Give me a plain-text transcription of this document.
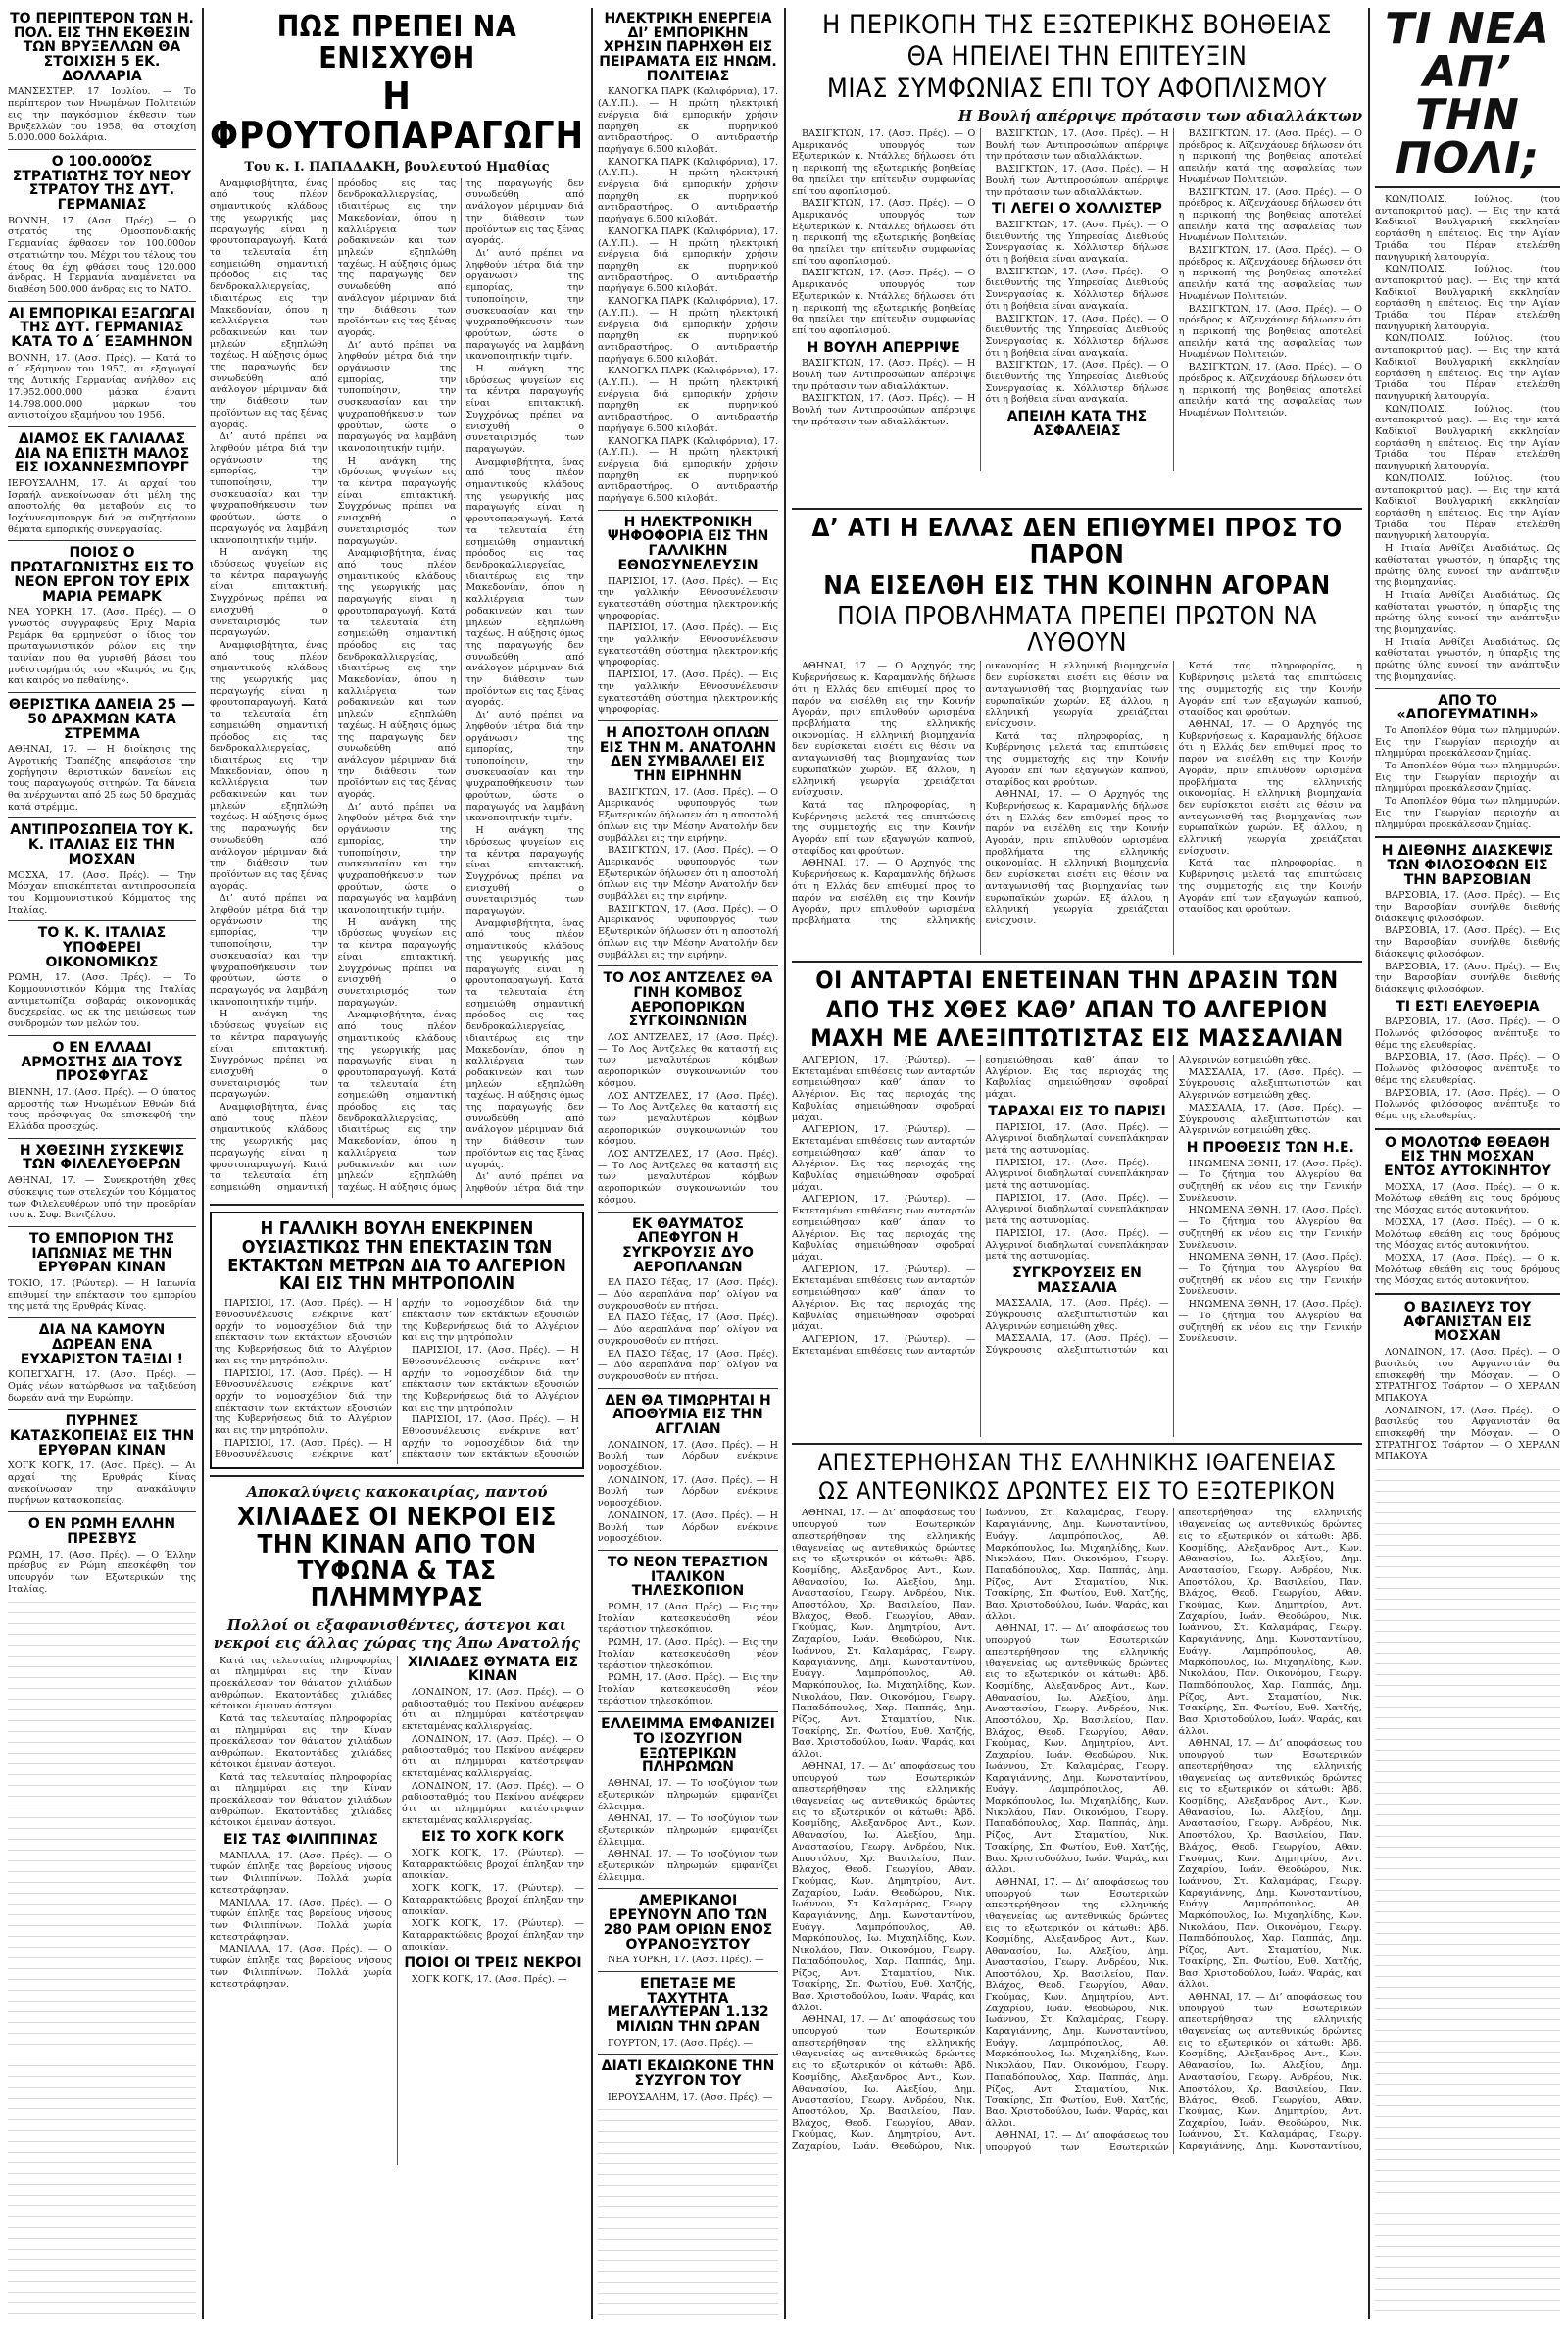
ΤΟ ΠΕΡΙΠΤΕΡΟΝ ΤΩΝ Η. ΠΟΛ. ΕΙΣ ΤΗΝ ΕΚΘΕΣΙΝ ΤΩΝ ΒΡΥΞΕΛΛΩΝ ΘΑ ΣΤΟΙΧΙΣΗ 5 ΕΚ. ΔΟΛΛΑΡΙΑ
ΜΑΝΣΕΣΤΕΡ, 17 Ιουλίου. — Το περίπτερον των Ηνωμένων Πολιτειών εις την παγκόσμιον έκθεσιν των Βρυξελλών του 1958, θα στοιχίση 5.000.000 δολλάρια.
Ο 100.000ΌΣ ΣΤΡΑΤΙΩΤΗΣ ΤΟΥ ΝΕΟΥ ΣΤΡΑΤΟΥ ΤΗΣ ΔΥΤ. ΓΕΡΜΑΝΙΑΣ
ΒΟΝΝΗ, 17. (Ασσ. Πρές). — Ο στρατός της Ομοσπονδιακής Γερμανίας έφθασεν τον 100.000ον στρατιώτην του. Μέχρι του τέλους του έτους θα έχη φθάσει τους 120.000 άνδρας. Η Γερμανία αναμένεται να διαθέση 500.000 άνδρας εις το ΝΑΤΟ.
ΑΙ ΕΜΠΟΡΙΚΑΙ ΕΞΑΓΩΓΑΙ ΤΗΣ ΔΥΤ. ΓΕΡΜΑΝΙΑΣ ΚΑΤΑ ΤΟ Δ΄ ΕΞΑΜΗΝΟΝ
ΒΟΝΝΗ, 17. (Ασσ. Πρές). — Κατά το α΄ εξάμηνον του 1957, αι εξαγωγαί της Δυτικής Γερμανίας ανήλθον εις 17.952.000.000 μάρκα έναντι 14.798.000.000 μάρκων του αντιστοίχου εξαμήνου του 1956.
ΔΙΑΜΟΣ ΕΚ ΓΑΛΙΑΛΑΣ ΔΙΑ ΝΑ ΕΠΙΣΤΗ ΜΑΛΟΣ ΕΙΣ ΙΟΧΑΝΝΕΣΜΠΟΥΡΓ
ΙΕΡΟΥΣΑΛΗΜ, 17. Αι αρχαί του Ισραήλ ανεκοίνωσαν ότι μέλη της αποστολής θα μεταβούν εις το Ιοχάννεσμπουργκ διά να συζητήσουν θέματα εμπορικής συνεργασίας.
ΠΟΙΟΣ Ο ΠΡΩΤΑΓΩΝΙΣΤΗΣ ΕΙΣ ΤΟ ΝΕΟΝ ΕΡΓΟΝ ΤΟΥ ΕΡΙΧ ΜΑΡΙΑ ΡΕΜΑΡΚ
ΝΕΑ ΥΟΡΚΗ, 17. (Ασσ. Πρές). — Ο γνωστός συγγραφεύς Έριχ Μαρία Ρεμάρκ θα ερμηνεύση ο ίδιος τον πρωταγωνιστικόν ρόλον εις την ταινίαν που θα γυρισθή βάσει του μυθιστορήματός του «Καιρός να ζης και καιρός να πεθαίνης».
ΘΕΡΙΣΤΙΚΑ ΔΑΝΕΙΑ 25 — 50 ΔΡΑΧΜΩΝ ΚΑΤΑ ΣΤΡΕΜΜΑ
ΑΘΗΝΑΙ, 17. — Η διοίκησις της Αγροτικής Τραπέζης απεφάσισε την χορήγησιν θεριστικών δανείων εις τους παραγωγούς σιτηρών. Τα δάνεια θα ανέρχωνται από 25 έως 50 δραχμάς κατά στρέμμα.
ΑΝΤΙΠΡΟΣΩΠΕΙΑ ΤΟΥ Κ. Κ. ΙΤΑΛΙΑΣ ΕΙΣ ΤΗΝ ΜΟΣΧΑΝ
ΜΟΣΧΑ, 17. (Ασσ. Πρές). — Την Μόσχαν επισκέπτεται αντιπροσωπεία του Κομμουνιστικού Κόμματος της Ιταλίας.
ΤΟ Κ. Κ. ΙΤΑΛΙΑΣ ΥΠΟΦΕΡΕΙ ΟΙΚΟΝΟΜΙΚΩΣ
ΡΩΜΗ, 17. (Ασσ. Πρές). — Το Κομμουνιστικόν Κόμμα της Ιταλίας αντιμετωπίζει σοβαράς οικονομικάς δυσχερείας, ως εκ της μειώσεως των συνδρομών των μελών του.
Ο ΕΝ ΕΛΛΑΔΙ ΑΡΜΟΣΤΗΣ ΔΙΑ ΤΟΥΣ ΠΡΟΣΦΥΓΑΣ
ΒΙΕΝΝΗ, 17. (Ασσ. Πρές). — Ο ύπατος αρμοστής των Ηνωμένων Εθνών διά τους πρόσφυγας θα επισκεφθή την Ελλάδα προσεχώς.
Η ΧΘΕΣΙΝΗ ΣΥΣΚΕΨΙΣ ΤΩΝ ΦΙΛΕΛΕΥΘΕΡΩΝ
ΑΘΗΝΑΙ, 17. — Συνεκροτήθη χθες σύσκεψις των στελεχών του Κόμματος των Φιλελευθέρων υπό την προεδρίαν του κ. Σοφ. Βενιζέλου.
ΤΟ ΕΜΠΟΡΙΟΝ ΤΗΣ ΙΑΠΩΝΙΑΣ ΜΕ ΤΗΝ ΕΡΥΘΡΑΝ ΚΙΝΑΝ
ΤΟΚΙΟ, 17. (Ρώυτερ). — Η Ιαπωνία επιθυμεί την επέκτασιν του εμπορίου της μετά της Ερυθράς Κίνας.
ΔΙΑ ΝΑ ΚΑΜΟΥΝ ΔΩΡΕΑΝ ΕΝΑ ΕΥΧΑΡΙΣΤΟΝ ΤΑΞΙΔΙ !
ΚΟΠΕΓΧΑΓΗ, 17. (Ασσ. Πρές). — Ομάς νέων κατώρθωσε να ταξιδεύση δωρεάν ανά την Ευρώπην.
ΠΥΡΗΝΕΣ ΚΑΤΑΣΚΟΠΕΙΑΣ ΕΙΣ ΤΗΝ ΕΡΥΘΡΑΝ ΚΙΝΑΝ
ΧΟΓΚ ΚΟΓΚ, 17. (Ασσ. Πρές). — Αι αρχαί της Ερυθράς Κίνας ανεκοίνωσαν την ανακάλυψιν πυρήνων κατασκοπείας.
Ο ΕΝ ΡΩΜΗ ΕΛΛΗΝ ΠΡΕΣΒΥΣ
ΡΩΜΗ, 17. (Ασσ. Πρές). — Ο Έλλην πρέσβυς εν Ρώμη επεσκέφθη τον υπουργόν των Εξωτερικών της Ιταλίας.
ΠΩΣ ΠΡΕΠΕΙ ΝΑ ΕΝΙΣΧΥΘΗ
Η ΦΡΟΥΤΟΠΑΡΑΓΩΓΗ
Του κ. Ι. ΠΑΠΑΔΑΚΗ, βουλευτού Ημαθίας

Αναμφισβήτητα, ένας από τους πλέον σημαντικούς κλάδους της γεωργικής μας παραγωγής είναι η φρουτοπαραγωγή. Κατά τα τελευταία έτη εσημειώθη σημαντική πρόοδος εις τας δενδροκαλλιεργείας, ιδιαιτέρως εις την Μακεδονίαν, όπου η καλλιέργεια των ροδακινεών και των μηλεών εξηπλώθη ταχέως. Η αύξησις όμως της παραγωγής δεν συνωδεύθη από ανάλογον μέριμναν διά την διάθεσιν των προϊόντων εις τας ξένας αγοράς.

Δι’ αυτό πρέπει να ληφθούν μέτρα διά την οργάνωσιν της εμπορίας, την τυποποίησιν, την συσκευασίαν και την ψυχραποθήκευσιν των φρούτων, ώστε ο παραγωγός να λαμβάνη ικανοποιητικήν τιμήν.

Η ανάγκη της ιδρύσεως ψυγείων εις τα κέντρα παραγωγής είναι επιτακτική. Συγχρόνως πρέπει να ενισχυθή ο συνεταιρισμός των παραγωγών.

Αναμφισβήτητα, ένας από τους πλέον σημαντικούς κλάδους της γεωργικής μας παραγωγής είναι η φρουτοπαραγωγή. Κατά τα τελευταία έτη εσημειώθη σημαντική πρόοδος εις τας δενδροκαλλιεργείας, ιδιαιτέρως εις την Μακεδονίαν, όπου η καλλιέργεια των ροδακινεών και των μηλεών εξηπλώθη ταχέως. Η αύξησις όμως της παραγωγής δεν συνωδεύθη από ανάλογον μέριμναν διά την διάθεσιν των προϊόντων εις τας ξένας αγοράς.

Δι’ αυτό πρέπει να ληφθούν μέτρα διά την οργάνωσιν της εμπορίας, την τυποποίησιν, την συσκευασίαν και την ψυχραποθήκευσιν των φρούτων, ώστε ο παραγωγός να λαμβάνη ικανοποιητικήν τιμήν.

Η ανάγκη της ιδρύσεως ψυγείων εις τα κέντρα παραγωγής είναι επιτακτική. Συγχρόνως πρέπει να ενισχυθή ο συνεταιρισμός των παραγωγών.

Αναμφισβήτητα, ένας από τους πλέον σημαντικούς κλάδους της γεωργικής μας παραγωγής είναι η φρουτοπαραγωγή. Κατά τα τελευταία έτη εσημειώθη σημαντική πρόοδος εις τας δενδροκαλλιεργείας, ιδιαιτέρως εις την Μακεδονίαν, όπου η καλλιέργεια των ροδακινεών και των μηλεών εξηπλώθη ταχέως. Η αύξησις όμως της παραγωγής δεν συνωδεύθη από ανάλογον μέριμναν διά την διάθεσιν των προϊόντων εις τας ξένας αγοράς.

Δι’ αυτό πρέπει να ληφθούν μέτρα διά την οργάνωσιν της εμπορίας, την τυποποίησιν, την συσκευασίαν και την ψυχραποθήκευσιν των φρούτων, ώστε ο παραγωγός να λαμβάνη ικανοποιητικήν τιμήν.

Η ανάγκη της ιδρύσεως ψυγείων εις τα κέντρα παραγωγής είναι επιτακτική. Συγχρόνως πρέπει να ενισχυθή ο συνεταιρισμός των παραγωγών.

Αναμφισβήτητα, ένας από τους πλέον σημαντικούς κλάδους της γεωργικής μας παραγωγής είναι η φρουτοπαραγωγή. Κατά τα τελευταία έτη εσημειώθη σημαντική πρόοδος εις τας δενδροκαλλιεργείας, ιδιαιτέρως εις την Μακεδονίαν, όπου η καλλιέργεια των ροδακινεών και των μηλεών εξηπλώθη ταχέως. Η αύξησις όμως της παραγωγής δεν συνωδεύθη από ανάλογον μέριμναν διά την διάθεσιν των προϊόντων εις τας ξένας αγοράς.

Δι’ αυτό πρέπει να ληφθούν μέτρα διά την οργάνωσιν της εμπορίας, την τυποποίησιν, την συσκευασίαν και την ψυχραποθήκευσιν των φρούτων, ώστε ο παραγωγός να λαμβάνη ικανοποιητικήν τιμήν.

Η ανάγκη της ιδρύσεως ψυγείων εις τα κέντρα παραγωγής είναι επιτακτική. Συγχρόνως πρέπει να ενισχυθή ο συνεταιρισμός των παραγωγών.

Αναμφισβήτητα, ένας από τους πλέον σημαντικούς κλάδους της γεωργικής μας παραγωγής είναι η φρουτοπαραγωγή. Κατά τα τελευταία έτη εσημειώθη σημαντική πρόοδος εις τας δενδροκαλλιεργείας, ιδιαιτέρως εις την Μακεδονίαν, όπου η καλλιέργεια των ροδακινεών και των μηλεών εξηπλώθη ταχέως. Η αύξησις όμως της παραγωγής δεν συνωδεύθη από ανάλογον μέριμναν διά την διάθεσιν των προϊόντων εις τας ξένας αγοράς.

Δι’ αυτό πρέπει να ληφθούν μέτρα διά την οργάνωσιν της εμπορίας, την τυποποίησιν, την συσκευασίαν και την ψυχραποθήκευσιν των φρούτων, ώστε ο παραγωγός να λαμβάνη ικανοποιητικήν τιμήν.

Η ανάγκη της ιδρύσεως ψυγείων εις τα κέντρα παραγωγής είναι επιτακτική. Συγχρόνως πρέπει να ενισχυθή ο συνεταιρισμός των παραγωγών.

Αναμφισβήτητα, ένας από τους πλέον σημαντικούς κλάδους της γεωργικής μας παραγωγής είναι η φρουτοπαραγωγή. Κατά τα τελευταία έτη εσημειώθη σημαντική πρόοδος εις τας δενδροκαλλιεργείας, ιδιαιτέρως εις την Μακεδονίαν, όπου η καλλιέργεια των ροδακινεών και των μηλεών εξηπλώθη ταχέως. Η αύξησις όμως της παραγωγής δεν συνωδεύθη από ανάλογον μέριμναν διά την διάθεσιν των προϊόντων εις τας ξένας αγοράς.

Δι’ αυτό πρέπει να ληφθούν μέτρα διά την οργάνωσιν της εμπορίας, την τυποποίησιν, την συσκευασίαν και την ψυχραποθήκευσιν των φρούτων, ώστε ο παραγωγός να λαμβάνη ικανοποιητικήν τιμήν.

Η ανάγκη της ιδρύσεως ψυγείων εις τα κέντρα παραγωγής είναι επιτακτική. Συγχρόνως πρέπει να ενισχυθή ο συνεταιρισμός των παραγωγών.

Αναμφισβήτητα, ένας από τους πλέον σημαντικούς κλάδους της γεωργικής μας παραγωγής είναι η φρουτοπαραγωγή. Κατά τα τελευταία έτη εσημειώθη σημαντική πρόοδος εις τας δενδροκαλλιεργείας, ιδιαιτέρως εις την Μακεδονίαν, όπου η καλλιέργεια των ροδακινεών και των μηλεών εξηπλώθη ταχέως. Η αύξησις όμως της παραγωγής δεν συνωδεύθη από ανάλογον μέριμναν διά την διάθεσιν των προϊόντων εις τας ξένας αγοράς.

Δι’ αυτό πρέπει να ληφθούν μέτρα διά την

Η ΓΑΛΛΙΚΗ ΒΟΥΛΗ ΕΝΕΚΡΙΝΕΝ ΟΥΣΙΑΣΤΙΚΩΣ ΤΗΝ ΕΠΕΚΤΑΣΙΝ ΤΩΝ ΕΚΤΑΚΤΩΝ ΜΕΤΡΩΝ ΔΙΑ ΤΟ ΑΛΓΕΡΙΟΝ ΚΑΙ ΕΙΣ ΤΗΝ ΜΗΤΡΟΠΟΛΙΝ

ΠΑΡΙΣΙΟΙ, 17. (Ασσ. Πρές). — Η Εθνοσυνέλευσις ενέκρινε κατ’ αρχήν το νομοσχέδιον διά την επέκτασιν των εκτάκτων εξουσιών της Κυβερνήσεως διά το Αλγέριον και εις την μητρόπολιν.

ΠΑΡΙΣΙΟΙ, 17. (Ασσ. Πρές). — Η Εθνοσυνέλευσις ενέκρινε κατ’ αρχήν το νομοσχέδιον διά την επέκτασιν των εκτάκτων εξουσιών της Κυβερνήσεως διά το Αλγέριον και εις την μητρόπολιν.

ΠΑΡΙΣΙΟΙ, 17. (Ασσ. Πρές). — Η Εθνοσυνέλευσις ενέκρινε κατ’ αρχήν το νομοσχέδιον διά την επέκτασιν των εκτάκτων εξουσιών της Κυβερνήσεως διά το Αλγέριον και εις την μητρόπολιν.

ΠΑΡΙΣΙΟΙ, 17. (Ασσ. Πρές). — Η Εθνοσυνέλευσις ενέκρινε κατ’ αρχήν το νομοσχέδιον διά την επέκτασιν των εκτάκτων εξουσιών της Κυβερνήσεως διά το Αλγέριον και εις την μητρόπολιν.

ΠΑΡΙΣΙΟΙ, 17. (Ασσ. Πρές). — Η Εθνοσυνέλευσις ενέκρινε κατ’ αρχήν το νομοσχέδιον διά την επέκτασιν των εκτάκτων εξουσιών

Αποκαλύψεις κακοκαιρίας, παντού
ΧΙΛΙΑΔΕΣ ΟΙ ΝΕΚΡΟΙ ΕΙΣ ΤΗΝ ΚΙΝΑΝ ΑΠΟ ΤΟΝ ΤΥΦΩΝΑ & ΤΑΣ ΠΛΗΜΜΥΡΑΣ
Πολλοί οι εξαφανισθέντες, άστεγοι και νεκροί εις άλλας χώρας της Άπω Ανατολής

Κατά τας τελευταίας πληροφορίας αι πλημμύραι εις την Κίναν προεκάλεσαν τον θάνατον χιλιάδων ανθρώπων. Εκατοντάδες χιλιάδες κάτοικοι έμειναν άστεγοι.

Κατά τας τελευταίας πληροφορίας αι πλημμύραι εις την Κίναν προεκάλεσαν τον θάνατον χιλιάδων ανθρώπων. Εκατοντάδες χιλιάδες κάτοικοι έμειναν άστεγοι.

Κατά τας τελευταίας πληροφορίας αι πλημμύραι εις την Κίναν προεκάλεσαν τον θάνατον χιλιάδων ανθρώπων. Εκατοντάδες χιλιάδες κάτοικοι έμειναν άστεγοι.

ΕΙΣ ΤΑΣ ΦΙΛΙΠΠΙΝΑΣ

ΜΑΝΙΛΛΑ, 17. (Ασσ. Πρές). — Ο τυφών έπληξε τας βορείους νήσους των Φιλιππίνων. Πολλά χωρία κατεστράφησαν.

ΜΑΝΙΛΛΑ, 17. (Ασσ. Πρές). — Ο τυφών έπληξε τας βορείους νήσους των Φιλιππίνων. Πολλά χωρία κατεστράφησαν.

ΜΑΝΙΛΛΑ, 17. (Ασσ. Πρές). — Ο τυφών έπληξε τας βορείους νήσους των Φιλιππίνων. Πολλά χωρία κατεστράφησαν.

ΧΙΛΙΑΔΕΣ ΘΥΜΑΤΑ ΕΙΣ ΚΙΝΑΝ

ΛΟΝΔΙΝΟΝ, 17. (Ασσ. Πρές). — Ο ραδιοσταθμός του Πεκίνου ανέφερεν ότι αι πλημμύραι κατέστρεψαν εκτεταμένας καλλιεργείας.

ΛΟΝΔΙΝΟΝ, 17. (Ασσ. Πρές). — Ο ραδιοσταθμός του Πεκίνου ανέφερεν ότι αι πλημμύραι κατέστρεψαν εκτεταμένας καλλιεργείας.

ΛΟΝΔΙΝΟΝ, 17. (Ασσ. Πρές). — Ο ραδιοσταθμός του Πεκίνου ανέφερεν ότι αι πλημμύραι κατέστρεψαν εκτεταμένας καλλιεργείας.

ΕΙΣ ΤΟ ΧΟΓΚ ΚΟΓΚ

ΧΟΓΚ ΚΟΓΚ, 17. (Ρώυτερ). — Καταρρακτώδεις βροχαί έπληξαν την αποικίαν.

ΧΟΓΚ ΚΟΓΚ, 17. (Ρώυτερ). — Καταρρακτώδεις βροχαί έπληξαν την αποικίαν.

ΧΟΓΚ ΚΟΓΚ, 17. (Ρώυτερ). — Καταρρακτώδεις βροχαί έπληξαν την αποικίαν.

ΠΟΙΟΙ ΟΙ ΤΡΕΙΣ ΝΕΚΡΟΙ

ΧΟΓΚ ΚΟΓΚ, 17. (Ασσ. Πρές). —

ΗΛΕΚΤΡΙΚΗ ΕΝΕΡΓΕΙΑ ΔΙ’ ΕΜΠΟΡΙΚΗΝ ΧΡΗΣΙΝ ΠΑΡΗΧΘΗ ΕΙΣ ΠΕΙΡΑΜΑΤΑ ΕΙΣ ΗΝΩΜ. ΠΟΛΙΤΕΙΑΣ

ΚΑΝΟΓΚΑ ΠΑΡΚ (Καλιφόρνια), 17. (Α.Υ.Π.). — Η πρώτη ηλεκτρική ενέργεια διά εμπορικήν χρήσιν παρηχθη εκ πυρηνικού αντιδραστήρος. Ο αντιδραστήρ παρήγαγε 6.500 κιλοβάτ.

ΚΑΝΟΓΚΑ ΠΑΡΚ (Καλιφόρνια), 17. (Α.Υ.Π.). — Η πρώτη ηλεκτρική ενέργεια διά εμπορικήν χρήσιν παρηχθη εκ πυρηνικού αντιδραστήρος. Ο αντιδραστήρ παρήγαγε 6.500 κιλοβάτ.

ΚΑΝΟΓΚΑ ΠΑΡΚ (Καλιφόρνια), 17. (Α.Υ.Π.). — Η πρώτη ηλεκτρική ενέργεια διά εμπορικήν χρήσιν παρηχθη εκ πυρηνικού αντιδραστήρος. Ο αντιδραστήρ παρήγαγε 6.500 κιλοβάτ.

ΚΑΝΟΓΚΑ ΠΑΡΚ (Καλιφόρνια), 17. (Α.Υ.Π.). — Η πρώτη ηλεκτρική ενέργεια διά εμπορικήν χρήσιν παρηχθη εκ πυρηνικού αντιδραστήρος. Ο αντιδραστήρ παρήγαγε 6.500 κιλοβάτ.

ΚΑΝΟΓΚΑ ΠΑΡΚ (Καλιφόρνια), 17. (Α.Υ.Π.). — Η πρώτη ηλεκτρική ενέργεια διά εμπορικήν χρήσιν παρηχθη εκ πυρηνικού αντιδραστήρος. Ο αντιδραστήρ παρήγαγε 6.500 κιλοβάτ.

ΚΑΝΟΓΚΑ ΠΑΡΚ (Καλιφόρνια), 17. (Α.Υ.Π.). — Η πρώτη ηλεκτρική ενέργεια διά εμπορικήν χρήσιν παρηχθη εκ πυρηνικού αντιδραστήρος. Ο αντιδραστήρ παρήγαγε 6.500 κιλοβάτ.

Η ΗΛΕΚΤΡΟΝΙΚΗ ΨΗΦΟΦΟΡΙΑ ΕΙΣ ΤΗΝ ΓΑΛΛΙΚΗΝ ΕΘΝΟΣΥΝΕΛΕΥΣΙΝ

ΠΑΡΙΣΙΟΙ, 17. (Ασσ. Πρές). — Εις την γαλλικήν Εθνοσυνέλευσιν εγκατεστάθη σύστημα ηλεκτρονικής ψηφοφορίας.

ΠΑΡΙΣΙΟΙ, 17. (Ασσ. Πρές). — Εις την γαλλικήν Εθνοσυνέλευσιν εγκατεστάθη σύστημα ηλεκτρονικής ψηφοφορίας.

ΠΑΡΙΣΙΟΙ, 17. (Ασσ. Πρές). — Εις την γαλλικήν Εθνοσυνέλευσιν εγκατεστάθη σύστημα ηλεκτρονικής ψηφοφορίας.

Η ΑΠΟΣΤΟΛΗ ΟΠΛΩΝ ΕΙΣ ΤΗΝ Μ. ΑΝΑΤΟΛΗΝ ΔΕΝ ΣΥΜΒΑΛΛΕΙ ΕΙΣ ΤΗΝ ΕΙΡΗΝΗΝ

ΒΑΣΙΓΚΤΩΝ, 17. (Ασσ. Πρές). — Ο Αμερικανός υφυπουργός των Εξωτερικών δήλωσεν ότι η αποστολή όπλων εις την Μέσην Ανατολήν δεν συμβάλλει εις την ειρήνην.

ΒΑΣΙΓΚΤΩΝ, 17. (Ασσ. Πρές). — Ο Αμερικανός υφυπουργός των Εξωτερικών δήλωσεν ότι η αποστολή όπλων εις την Μέσην Ανατολήν δεν συμβάλλει εις την ειρήνην.

ΒΑΣΙΓΚΤΩΝ, 17. (Ασσ. Πρές). — Ο Αμερικανός υφυπουργός των Εξωτερικών δήλωσεν ότι η αποστολή όπλων εις την Μέσην Ανατολήν δεν συμβάλλει εις την ειρήνην.

ΤΟ ΛΟΣ ΑΝΤΖΕΛΕΣ ΘΑ ΓΙΝΗ ΚΟΜΒΟΣ ΑΕΡΟΠΟΡΙΚΩΝ ΣΥΓΚΟΙΝΩΝΙΩΝ

ΛΟΣ ΑΝΤΖΕΛΕΣ, 17. (Ασσ. Πρές). — Το Λος Άντζελες θα καταστή εις των μεγαλυτέρων κόμβων αεροπορικών συγκοινωνιών του κόσμου.

ΛΟΣ ΑΝΤΖΕΛΕΣ, 17. (Ασσ. Πρές). — Το Λος Άντζελες θα καταστή εις των μεγαλυτέρων κόμβων αεροπορικών συγκοινωνιών του κόσμου.

ΛΟΣ ΑΝΤΖΕΛΕΣ, 17. (Ασσ. Πρές). — Το Λος Άντζελες θα καταστή εις των μεγαλυτέρων κόμβων αεροπορικών συγκοινωνιών του κόσμου.

ΕΚ ΘΑΥΜΑΤΟΣ ΑΠΕΦΥΓΟΝ Η ΣΥΓΚΡΟΥΣΙΣ ΔΥΟ ΑΕΡΟΠΛΑΝΩΝ

ΕΛ ΠΑΣΟ Τέξας, 17. (Ασσ. Πρές). — Δύο αεροπλάνα παρ’ ολίγον να συγκρουσθούν εν πτήσει.

ΕΛ ΠΑΣΟ Τέξας, 17. (Ασσ. Πρές). — Δύο αεροπλάνα παρ’ ολίγον να συγκρουσθούν εν πτήσει.

ΕΛ ΠΑΣΟ Τέξας, 17. (Ασσ. Πρές). — Δύο αεροπλάνα παρ’ ολίγον να συγκρουσθούν εν πτήσει.

ΔΕΝ ΘΑ ΤΙΜΩΡΗΤΑΙ Η ΑΠΟΘΥΜΙΑ ΕΙΣ ΤΗΝ ΑΓΓΛΙΑΝ

ΛΟΝΔΙΝΟΝ, 17. (Ασσ. Πρές). — Η Βουλή των Λόρδων ενέκρινε νομοσχέδιον.

ΛΟΝΔΙΝΟΝ, 17. (Ασσ. Πρές). — Η Βουλή των Λόρδων ενέκρινε νομοσχέδιον.

ΛΟΝΔΙΝΟΝ, 17. (Ασσ. Πρές). — Η Βουλή των Λόρδων ενέκρινε νομοσχέδιον.

ΤΟ ΝΕΟΝ ΤΕΡΑΣΤΙΟΝ ΙΤΑΛΙΚΟΝ ΤΗΛΕΣΚΟΠΙΟΝ

ΡΩΜΗ, 17. (Ασσ. Πρές). — Εις την Ιταλίαν κατεσκευάσθη νέον τεράστιον τηλεσκόπιον.

ΡΩΜΗ, 17. (Ασσ. Πρές). — Εις την Ιταλίαν κατεσκευάσθη νέον τεράστιον τηλεσκόπιον.

ΡΩΜΗ, 17. (Ασσ. Πρές). — Εις την Ιταλίαν κατεσκευάσθη νέον τεράστιον τηλεσκόπιον.

ΕΛΛΕΙΜΜΑ ΕΜΦΑΝΙΖΕΙ ΤΟ ΙΣΟΖΥΓΙΟΝ ΕΞΩΤΕΡΙΚΩΝ ΠΛΗΡΩΜΩΝ

ΑΘΗΝΑΙ, 17. — Το ισοζύγιον των εξωτερικών πληρωμών εμφανίζει έλλειμμα.

ΑΘΗΝΑΙ, 17. — Το ισοζύγιον των εξωτερικών πληρωμών εμφανίζει έλλειμμα.

ΑΘΗΝΑΙ, 17. — Το ισοζύγιον των εξωτερικών πληρωμών εμφανίζει έλλειμμα.

ΑΜΕΡΙΚΑΝΟΙ ΕΡΕΥΝΟΥΝ ΑΠΟ ΤΩΝ 280 ΡΑΜ ΟΡΙΩΝ ΕΝΟΣ ΟΥΡΑΝΟΞΥΣΤΟΥ

ΝΕΑ ΥΟΡΚΗ, 17. (Ασσ. Πρές). —

ΕΠΕΤΑΞΕ ΜΕ ΤΑΧΥΤΗΤΑ ΜΕΓΑΛΥΤΕΡΑΝ 1.132 ΜΙΛΙΩΝ ΤΗΝ ΩΡΑΝ

ΓΟΥΡΤΟΝ, 17. (Ασσ. Πρές). —

ΔΙΑΤΙ ΕΚΔΙΩΚΟΝΕ ΤΗΝ ΣΥΖΥΓΟΝ ΤΟΥ

ΙΕΡΟΥΣΑΛΗΜ, 17. (Ασσ. Πρές). —

Η ΠΕΡΙΚΟΠΗ ΤΗΣ ΕΞΩΤΕΡΙΚΗΣ ΒΟΗΘΕΙΑΣ
ΘΑ ΗΠΕΙΛΕΙ ΤΗΝ ΕΠΙΤΕΥΞΙΝ
ΜΙΑΣ ΣΥΜΦΩΝΙΑΣ ΕΠΙ ΤΟΥ ΑΦΟΠΛΙΣΜΟΥ
Η Βουλή απέρριψε πρότασιν των αδιαλλάκτων

ΒΑΣΙΓΚΤΩΝ, 17. (Ασσ. Πρές). — Ο Αμερικανός υπουργός των Εξωτερικών κ. Ντάλλες δήλωσεν ότι η περικοπή της εξωτερικής βοηθείας θα ηπείλει την επίτευξιν συμφωνίας επί του αφοπλισμού.

ΒΑΣΙΓΚΤΩΝ, 17. (Ασσ. Πρές). — Ο Αμερικανός υπουργός των Εξωτερικών κ. Ντάλλες δήλωσεν ότι η περικοπή της εξωτερικής βοηθείας θα ηπείλει την επίτευξιν συμφωνίας επί του αφοπλισμού.

ΒΑΣΙΓΚΤΩΝ, 17. (Ασσ. Πρές). — Ο Αμερικανός υπουργός των Εξωτερικών κ. Ντάλλες δήλωσεν ότι η περικοπή της εξωτερικής βοηθείας θα ηπείλει την επίτευξιν συμφωνίας επί του αφοπλισμού.

Η ΒΟΥΛΗ ΑΠΕΡΡΙΨΕ

ΒΑΣΙΓΚΤΩΝ, 17. (Ασσ. Πρές). — Η Βουλή των Αντιπροσώπων απέρριψε την πρότασιν των αδιαλλάκτων.

ΒΑΣΙΓΚΤΩΝ, 17. (Ασσ. Πρές). — Η Βουλή των Αντιπροσώπων απέρριψε την πρότασιν των αδιαλλάκτων.

ΒΑΣΙΓΚΤΩΝ, 17. (Ασσ. Πρές). — Η Βουλή των Αντιπροσώπων απέρριψε την πρότασιν των αδιαλλάκτων.

ΒΑΣΙΓΚΤΩΝ, 17. (Ασσ. Πρές). — Η Βουλή των Αντιπροσώπων απέρριψε την πρότασιν των αδιαλλάκτων.

ΤΙ ΛΕΓΕΙ Ο ΧΟΛΛΙΣΤΕΡ

ΒΑΣΙΓΚΤΩΝ, 17. (Ασσ. Πρές). — Ο διευθυντής της Υπηρεσίας Διεθνούς Συνεργασίας κ. Χόλλιστερ δήλωσε ότι η βοήθεια είναι αναγκαία.

ΒΑΣΙΓΚΤΩΝ, 17. (Ασσ. Πρές). — Ο διευθυντής της Υπηρεσίας Διεθνούς Συνεργασίας κ. Χόλλιστερ δήλωσε ότι η βοήθεια είναι αναγκαία.

ΒΑΣΙΓΚΤΩΝ, 17. (Ασσ. Πρές). — Ο διευθυντής της Υπηρεσίας Διεθνούς Συνεργασίας κ. Χόλλιστερ δήλωσε ότι η βοήθεια είναι αναγκαία.

ΒΑΣΙΓΚΤΩΝ, 17. (Ασσ. Πρές). — Ο διευθυντής της Υπηρεσίας Διεθνούς Συνεργασίας κ. Χόλλιστερ δήλωσε ότι η βοήθεια είναι αναγκαία.

ΑΠΕΙΛΗ ΚΑΤΑ ΤΗΣ ΑΣΦΑΛΕΙΑΣ

ΒΑΣΙΓΚΤΩΝ, 17. (Ασσ. Πρές). — Ο πρόεδρος κ. Αϊζενχάουερ δήλωσεν ότι η περικοπή της βοηθείας αποτελεί απειλήν κατά της ασφαλείας των Ηνωμένων Πολιτειών.

ΒΑΣΙΓΚΤΩΝ, 17. (Ασσ. Πρές). — Ο πρόεδρος κ. Αϊζενχάουερ δήλωσεν ότι η περικοπή της βοηθείας αποτελεί απειλήν κατά της ασφαλείας των Ηνωμένων Πολιτειών.

ΒΑΣΙΓΚΤΩΝ, 17. (Ασσ. Πρές). — Ο πρόεδρος κ. Αϊζενχάουερ δήλωσεν ότι η περικοπή της βοηθείας αποτελεί απειλήν κατά της ασφαλείας των Ηνωμένων Πολιτειών.

ΒΑΣΙΓΚΤΩΝ, 17. (Ασσ. Πρές). — Ο πρόεδρος κ. Αϊζενχάουερ δήλωσεν ότι η περικοπή της βοηθείας αποτελεί απειλήν κατά της ασφαλείας των Ηνωμένων Πολιτειών.

ΒΑΣΙΓΚΤΩΝ, 17. (Ασσ. Πρές). — Ο πρόεδρος κ. Αϊζενχάουερ δήλωσεν ότι η περικοπή της βοηθείας αποτελεί απειλήν κατά της ασφαλείας των Ηνωμένων Πολιτειών.

Δ’ ΑΤΙ Η ΕΛΛΑΣ ΔΕΝ ΕΠΙΘΥΜΕΙ ΠΡΟΣ ΤΟ ΠΑΡΟΝ
ΝΑ ΕΙΣΕΛΘΗ ΕΙΣ ΤΗΝ ΚΟΙΝΗΝ ΑΓΟΡΑΝ
ΠΟΙΑ ΠΡΟΒΛΗΜΑΤΑ ΠΡΕΠΕΙ ΠΡΩΤΟΝ ΝΑ ΛΥΘΟΥΝ

ΑΘΗΝΑΙ, 17. — Ο Αρχηγός της Κυβερνήσεως κ. Καραμανλής δήλωσε ότι η Ελλάς δεν επιθυμεί προς το παρόν να εισέλθη εις την Κοινήν Αγοράν, πριν επιλυθούν ωρισμένα προβλήματα της ελληνικής οικονομίας. Η ελληνική βιομηχανία δεν ευρίσκεται εισέτι εις θέσιν να ανταγωνισθή τας βιομηχανίας των ευρωπαϊκών χωρών. Εξ άλλου, η ελληνική γεωργία χρειάζεται ενίσχυσιν.

Κατά τας πληροφορίας, η Κυβέρνησις μελετά τας επιπτώσεις της συμμετοχής εις την Κοινήν Αγοράν επί των εξαγωγών καπνού, σταφίδος και φρούτων.

ΑΘΗΝΑΙ, 17. — Ο Αρχηγός της Κυβερνήσεως κ. Καραμανλής δήλωσε ότι η Ελλάς δεν επιθυμεί προς το παρόν να εισέλθη εις την Κοινήν Αγοράν, πριν επιλυθούν ωρισμένα προβλήματα της ελληνικής οικονομίας. Η ελληνική βιομηχανία δεν ευρίσκεται εισέτι εις θέσιν να ανταγωνισθή τας βιομηχανίας των ευρωπαϊκών χωρών. Εξ άλλου, η ελληνική γεωργία χρειάζεται ενίσχυσιν.

Κατά τας πληροφορίας, η Κυβέρνησις μελετά τας επιπτώσεις της συμμετοχής εις την Κοινήν Αγοράν επί των εξαγωγών καπνού, σταφίδος και φρούτων.

ΑΘΗΝΑΙ, 17. — Ο Αρχηγός της Κυβερνήσεως κ. Καραμανλής δήλωσε ότι η Ελλάς δεν επιθυμεί προς το παρόν να εισέλθη εις την Κοινήν Αγοράν, πριν επιλυθούν ωρισμένα προβλήματα της ελληνικής οικονομίας. Η ελληνική βιομηχανία δεν ευρίσκεται εισέτι εις θέσιν να ανταγωνισθή τας βιομηχανίας των ευρωπαϊκών χωρών. Εξ άλλου, η ελληνική γεωργία χρειάζεται ενίσχυσιν.

Κατά τας πληροφορίας, η Κυβέρνησις μελετά τας επιπτώσεις της συμμετοχής εις την Κοινήν Αγοράν επί των εξαγωγών καπνού, σταφίδος και φρούτων.

ΑΘΗΝΑΙ, 17. — Ο Αρχηγός της Κυβερνήσεως κ. Καραμανλής δήλωσε ότι η Ελλάς δεν επιθυμεί προς το παρόν να εισέλθη εις την Κοινήν Αγοράν, πριν επιλυθούν ωρισμένα προβλήματα της ελληνικής οικονομίας. Η ελληνική βιομηχανία δεν ευρίσκεται εισέτι εις θέσιν να ανταγωνισθή τας βιομηχανίας των ευρωπαϊκών χωρών. Εξ άλλου, η ελληνική γεωργία χρειάζεται ενίσχυσιν.

Κατά τας πληροφορίας, η Κυβέρνησις μελετά τας επιπτώσεις της συμμετοχής εις την Κοινήν Αγοράν επί των εξαγωγών καπνού, σταφίδος και φρούτων.

ΟΙ ΑΝΤΑΡΤΑΙ ΕΝΕΤΕΙΝΑΝ ΤΗΝ ΔΡΑΣΙΝ ΤΩΝ
ΑΠΟ ΤΗΣ ΧΘΕΣ ΚΑΘ’ ΑΠΑΝ ΤΟ ΑΛΓΕΡΙΟΝ
ΜΑΧΗ ΜΕ ΑΛΕΞΙΠΤΩΤΙΣΤΑΣ ΕΙΣ ΜΑΣΣΑΛΙΑΝ

ΑΛΓΕΡΙΟΝ, 17. (Ρώυτερ). — Εκτεταμέναι επιθέσεις των ανταρτών εσημειώθησαν καθ’ άπαν το Αλγέριον. Εις τας περιοχάς της Καβυλίας σημειώθησαν σφοδραί μάχαι.

ΑΛΓΕΡΙΟΝ, 17. (Ρώυτερ). — Εκτεταμέναι επιθέσεις των ανταρτών εσημειώθησαν καθ’ άπαν το Αλγέριον. Εις τας περιοχάς της Καβυλίας σημειώθησαν σφοδραί μάχαι.

ΑΛΓΕΡΙΟΝ, 17. (Ρώυτερ). — Εκτεταμέναι επιθέσεις των ανταρτών εσημειώθησαν καθ’ άπαν το Αλγέριον. Εις τας περιοχάς της Καβυλίας σημειώθησαν σφοδραί μάχαι.

ΑΛΓΕΡΙΟΝ, 17. (Ρώυτερ). — Εκτεταμέναι επιθέσεις των ανταρτών εσημειώθησαν καθ’ άπαν το Αλγέριον. Εις τας περιοχάς της Καβυλίας σημειώθησαν σφοδραί μάχαι.

ΑΛΓΕΡΙΟΝ, 17. (Ρώυτερ). — Εκτεταμέναι επιθέσεις των ανταρτών εσημειώθησαν καθ’ άπαν το Αλγέριον. Εις τας περιοχάς της Καβυλίας σημειώθησαν σφοδραί μάχαι.

ΤΑΡΑΧΑΙ ΕΙΣ ΤΟ ΠΑΡΙΣΙ

ΠΑΡΙΣΙΟΙ, 17. (Ασσ. Πρές). — Αλγερινοί διαδηλωταί συνεπλάκησαν μετά της αστυνομίας.

ΠΑΡΙΣΙΟΙ, 17. (Ασσ. Πρές). — Αλγερινοί διαδηλωταί συνεπλάκησαν μετά της αστυνομίας.

ΠΑΡΙΣΙΟΙ, 17. (Ασσ. Πρές). — Αλγερινοί διαδηλωταί συνεπλάκησαν μετά της αστυνομίας.

ΠΑΡΙΣΙΟΙ, 17. (Ασσ. Πρές). — Αλγερινοί διαδηλωταί συνεπλάκησαν μετά της αστυνομίας.

ΣΥΓΚΡΟΥΣΕΙΣ ΕΝ ΜΑΣΣΑΛΙΑ

ΜΑΣΣΑΛΙΑ, 17. (Ασσ. Πρές). — Σύγκρουσις αλεξιπτωτιστών και Αλγερινών εσημειώθη χθες.

ΜΑΣΣΑΛΙΑ, 17. (Ασσ. Πρές). — Σύγκρουσις αλεξιπτωτιστών και Αλγερινών εσημειώθη χθες.

ΜΑΣΣΑΛΙΑ, 17. (Ασσ. Πρές). — Σύγκρουσις αλεξιπτωτιστών και Αλγερινών εσημειώθη χθες.

ΜΑΣΣΑΛΙΑ, 17. (Ασσ. Πρές). — Σύγκρουσις αλεξιπτωτιστών και Αλγερινών εσημειώθη χθες.

Η ΠΡΟΘΕΣΙΣ ΤΩΝ Η.Ε.

ΗΝΩΜΕΝΑ ΕΘΝΗ, 17. (Ασσ. Πρές). — Το ζήτημα του Αλγερίου θα συζητηθή εκ νέου εις την Γενικήν Συνέλευσιν.

ΗΝΩΜΕΝΑ ΕΘΝΗ, 17. (Ασσ. Πρές). — Το ζήτημα του Αλγερίου θα συζητηθή εκ νέου εις την Γενικήν Συνέλευσιν.

ΗΝΩΜΕΝΑ ΕΘΝΗ, 17. (Ασσ. Πρές). — Το ζήτημα του Αλγερίου θα συζητηθή εκ νέου εις την Γενικήν Συνέλευσιν.

ΗΝΩΜΕΝΑ ΕΘΝΗ, 17. (Ασσ. Πρές). — Το ζήτημα του Αλγερίου θα συζητηθή εκ νέου εις την Γενικήν Συνέλευσιν.

ΑΠΕΣΤΕΡΗΘΗΣΑΝ ΤΗΣ ΕΛΛΗΝΙΚΗΣ ΙΘΑΓΕΝΕΙΑΣ
ΩΣ ΑΝΤΕΘΝΙΚΩΣ ΔΡΩΝΤΕΣ ΕΙΣ ΤΟ ΕΞΩΤΕΡΙΚΟΝ

ΑΘΗΝΑΙ, 17. — Δι’ αποφάσεως του υπουργού των Εσωτερικών απεστερήθησαν της ελληνικής ιθαγενείας ως αντεθνικώς δρώντες εις το εξωτερικόν οι κάτωθι: Άβδ. Κοσμίδης, Αλεξανδρος Αντ., Κων. Αθανασίου, Ιω. Αλεξίου, Δημ. Αναστασίου, Γεωργ. Ανδρέου, Νικ. Αποστόλου, Χρ. Βασιλείου, Παν. Βλάχος, Θεοδ. Γεωργίου, Αθαν. Γκούμας, Κων. Δημητρίου, Αντ. Ζαχαρίου, Ιωάν. Θεοδώρου, Νικ. Ιωάννου, Στ. Καλαμάρας, Γεωργ. Καραγιάννης, Δημ. Κωνσταντίνου, Ευάγγ. Λαμπρόπουλος, Αθ. Μαρκόπουλος, Ιω. Μιχαηλίδης, Κων. Νικολάου, Παν. Οικονόμου, Γεωργ. Παπαδόπουλος, Χαρ. Παππάς, Δημ. Ρίζος, Αντ. Σταματίου, Νικ. Τσακίρης, Σπ. Φωτίου, Ευθ. Χατζής, Βασ. Χριστοδούλου, Ιωάν. Ψαράς, και άλλοι.

ΑΘΗΝΑΙ, 17. — Δι’ αποφάσεως του υπουργού των Εσωτερικών απεστερήθησαν της ελληνικής ιθαγενείας ως αντεθνικώς δρώντες εις το εξωτερικόν οι κάτωθι: Άβδ. Κοσμίδης, Αλεξανδρος Αντ., Κων. Αθανασίου, Ιω. Αλεξίου, Δημ. Αναστασίου, Γεωργ. Ανδρέου, Νικ. Αποστόλου, Χρ. Βασιλείου, Παν. Βλάχος, Θεοδ. Γεωργίου, Αθαν. Γκούμας, Κων. Δημητρίου, Αντ. Ζαχαρίου, Ιωάν. Θεοδώρου, Νικ. Ιωάννου, Στ. Καλαμάρας, Γεωργ. Καραγιάννης, Δημ. Κωνσταντίνου, Ευάγγ. Λαμπρόπουλος, Αθ. Μαρκόπουλος, Ιω. Μιχαηλίδης, Κων. Νικολάου, Παν. Οικονόμου, Γεωργ. Παπαδόπουλος, Χαρ. Παππάς, Δημ. Ρίζος, Αντ. Σταματίου, Νικ. Τσακίρης, Σπ. Φωτίου, Ευθ. Χατζής, Βασ. Χριστοδούλου, Ιωάν. Ψαράς, και άλλοι.

ΑΘΗΝΑΙ, 17. — Δι’ αποφάσεως του υπουργού των Εσωτερικών απεστερήθησαν της ελληνικής ιθαγενείας ως αντεθνικώς δρώντες εις το εξωτερικόν οι κάτωθι: Άβδ. Κοσμίδης, Αλεξανδρος Αντ., Κων. Αθανασίου, Ιω. Αλεξίου, Δημ. Αναστασίου, Γεωργ. Ανδρέου, Νικ. Αποστόλου, Χρ. Βασιλείου, Παν. Βλάχος, Θεοδ. Γεωργίου, Αθαν. Γκούμας, Κων. Δημητρίου, Αντ. Ζαχαρίου, Ιωάν. Θεοδώρου, Νικ. Ιωάννου, Στ. Καλαμάρας, Γεωργ. Καραγιάννης, Δημ. Κωνσταντίνου, Ευάγγ. Λαμπρόπουλος, Αθ. Μαρκόπουλος, Ιω. Μιχαηλίδης, Κων. Νικολάου, Παν. Οικονόμου, Γεωργ. Παπαδόπουλος, Χαρ. Παππάς, Δημ. Ρίζος, Αντ. Σταματίου, Νικ. Τσακίρης, Σπ. Φωτίου, Ευθ. Χατζής, Βασ. Χριστοδούλου, Ιωάν. Ψαράς, και άλλοι.

ΑΘΗΝΑΙ, 17. — Δι’ αποφάσεως του υπουργού των Εσωτερικών απεστερήθησαν της ελληνικής ιθαγενείας ως αντεθνικώς δρώντες εις το εξωτερικόν οι κάτωθι: Άβδ. Κοσμίδης, Αλεξανδρος Αντ., Κων. Αθανασίου, Ιω. Αλεξίου, Δημ. Αναστασίου, Γεωργ. Ανδρέου, Νικ. Αποστόλου, Χρ. Βασιλείου, Παν. Βλάχος, Θεοδ. Γεωργίου, Αθαν. Γκούμας, Κων. Δημητρίου, Αντ. Ζαχαρίου, Ιωάν. Θεοδώρου, Νικ. Ιωάννου, Στ. Καλαμάρας, Γεωργ. Καραγιάννης, Δημ. Κωνσταντίνου, Ευάγγ. Λαμπρόπουλος, Αθ. Μαρκόπουλος, Ιω. Μιχαηλίδης, Κων. Νικολάου, Παν. Οικονόμου, Γεωργ. Παπαδόπουλος, Χαρ. Παππάς, Δημ. Ρίζος, Αντ. Σταματίου, Νικ. Τσακίρης, Σπ. Φωτίου, Ευθ. Χατζής, Βασ. Χριστοδούλου, Ιωάν. Ψαράς, και άλλοι.

ΑΘΗΝΑΙ, 17. — Δι’ αποφάσεως του υπουργού των Εσωτερικών απεστερήθησαν της ελληνικής ιθαγενείας ως αντεθνικώς δρώντες εις το εξωτερικόν οι κάτωθι: Άβδ. Κοσμίδης, Αλεξανδρος Αντ., Κων. Αθανασίου, Ιω. Αλεξίου, Δημ. Αναστασίου, Γεωργ. Ανδρέου, Νικ. Αποστόλου, Χρ. Βασιλείου, Παν. Βλάχος, Θεοδ. Γεωργίου, Αθαν. Γκούμας, Κων. Δημητρίου, Αντ. Ζαχαρίου, Ιωάν. Θεοδώρου, Νικ. Ιωάννου, Στ. Καλαμάρας, Γεωργ. Καραγιάννης, Δημ. Κωνσταντίνου, Ευάγγ. Λαμπρόπουλος, Αθ. Μαρκόπουλος, Ιω. Μιχαηλίδης, Κων. Νικολάου, Παν. Οικονόμου, Γεωργ. Παπαδόπουλος, Χαρ. Παππάς, Δημ. Ρίζος, Αντ. Σταματίου, Νικ. Τσακίρης, Σπ. Φωτίου, Ευθ. Χατζής, Βασ. Χριστοδούλου, Ιωάν. Ψαράς, και άλλοι.

ΑΘΗΝΑΙ, 17. — Δι’ αποφάσεως του υπουργού των Εσωτερικών απεστερήθησαν της ελληνικής ιθαγενείας ως αντεθνικώς δρώντες εις το εξωτερικόν οι κάτωθι: Άβδ. Κοσμίδης, Αλεξανδρος Αντ., Κων. Αθανασίου, Ιω. Αλεξίου, Δημ. Αναστασίου, Γεωργ. Ανδρέου, Νικ. Αποστόλου, Χρ. Βασιλείου, Παν. Βλάχος, Θεοδ. Γεωργίου, Αθαν. Γκούμας, Κων. Δημητρίου, Αντ. Ζαχαρίου, Ιωάν. Θεοδώρου, Νικ. Ιωάννου, Στ. Καλαμάρας, Γεωργ. Καραγιάννης, Δημ. Κωνσταντίνου, Ευάγγ. Λαμπρόπουλος, Αθ. Μαρκόπουλος, Ιω. Μιχαηλίδης, Κων. Νικολάου, Παν. Οικονόμου, Γεωργ. Παπαδόπουλος, Χαρ. Παππάς, Δημ. Ρίζος, Αντ. Σταματίου, Νικ. Τσακίρης, Σπ. Φωτίου, Ευθ. Χατζής, Βασ. Χριστοδούλου, Ιωάν. Ψαράς, και άλλοι.

ΑΘΗΝΑΙ, 17. — Δι’ αποφάσεως του υπουργού των Εσωτερικών απεστερήθησαν της ελληνικής ιθαγενείας ως αντεθνικώς δρώντες εις το εξωτερικόν οι κάτωθι: Άβδ. Κοσμίδης, Αλεξανδρος Αντ., Κων. Αθανασίου, Ιω. Αλεξίου, Δημ. Αναστασίου, Γεωργ. Ανδρέου, Νικ. Αποστόλου, Χρ. Βασιλείου, Παν. Βλάχος, Θεοδ. Γεωργίου, Αθαν. Γκούμας, Κων. Δημητρίου, Αντ. Ζαχαρίου, Ιωάν. Θεοδώρου, Νικ. Ιωάννου, Στ. Καλαμάρας, Γεωργ. Καραγιάννης, Δημ. Κωνσταντίνου, Ευάγγ. Λαμπρόπουλος, Αθ. Μαρκόπουλος, Ιω. Μιχαηλίδης, Κων. Νικολάου, Παν. Οικονόμου, Γεωργ. Παπαδόπουλος, Χαρ. Παππάς, Δημ. Ρίζος, Αντ. Σταματίου, Νικ. Τσακίρης, Σπ. Φωτίου, Ευθ. Χατζής, Βασ. Χριστοδούλου, Ιωάν. Ψαράς, και άλλοι.

ΑΘΗΝΑΙ, 17. — Δι’ αποφάσεως του υπουργού των Εσωτερικών απεστερήθησαν της ελληνικής ιθαγενείας ως αντεθνικώς δρώντες εις το εξωτερικόν οι κάτωθι: Άβδ. Κοσμίδης, Αλεξανδρος Αντ., Κων. Αθανασίου, Ιω. Αλεξίου, Δημ. Αναστασίου, Γεωργ. Ανδρέου, Νικ. Αποστόλου, Χρ. Βασιλείου, Παν. Βλάχος, Θεοδ. Γεωργίου, Αθαν. Γκούμας, Κων. Δημητρίου, Αντ. Ζαχαρίου, Ιωάν. Θεοδώρου, Νικ. Ιωάννου, Στ. Καλαμάρας, Γεωργ. Καραγιάννης, Δημ. Κωνσταντίνου,

ΤΙ ΝΕΑ ΑΠ’ ΤΗΝ ΠΟΛΙ;

ΚΩΝ/ΠΟΛΙΣ, Ιούλιος. (του ανταποκριτού μας). — Εις την κατά Καδίκιοϊ Βουλγαρική εκκλησίαν εορτάσθη η επέτειος. Εις την Αγίαν Τριάδα του Πέραν ετελέσθη πανηγυρική λειτουργία.

ΚΩΝ/ΠΟΛΙΣ, Ιούλιος. (του ανταποκριτού μας). — Εις την κατά Καδίκιοϊ Βουλγαρική εκκλησίαν εορτάσθη η επέτειος. Εις την Αγίαν Τριάδα του Πέραν ετελέσθη πανηγυρική λειτουργία.

ΚΩΝ/ΠΟΛΙΣ, Ιούλιος. (του ανταποκριτού μας). — Εις την κατά Καδίκιοϊ Βουλγαρική εκκλησίαν εορτάσθη η επέτειος. Εις την Αγίαν Τριάδα του Πέραν ετελέσθη πανηγυρική λειτουργία.

ΚΩΝ/ΠΟΛΙΣ, Ιούλιος. (του ανταποκριτού μας). — Εις την κατά Καδίκιοϊ Βουλγαρική εκκλησίαν εορτάσθη η επέτειος. Εις την Αγίαν Τριάδα του Πέραν ετελέσθη πανηγυρική λειτουργία.

ΚΩΝ/ΠΟΛΙΣ, Ιούλιος. (του ανταποκριτού μας). — Εις την κατά Καδίκιοϊ Βουλγαρική εκκλησίαν εορτάσθη η επέτειος. Εις την Αγίαν Τριάδα του Πέραν ετελέσθη πανηγυρική λειτουργία.

Η Ιτιαία Ανθίζει Αναδιάτως. Ως καθίσταται γνωστόν, η ύπαρξις της πρώτης ύλης ευνοεί την ανάπτυξιν της βιομηχανίας.

Η Ιτιαία Ανθίζει Αναδιάτως. Ως καθίσταται γνωστόν, η ύπαρξις της πρώτης ύλης ευνοεί την ανάπτυξιν της βιομηχανίας.

Η Ιτιαία Ανθίζει Αναδιάτως. Ως καθίσταται γνωστόν, η ύπαρξις της πρώτης ύλης ευνοεί την ανάπτυξιν της βιομηχανίας.

ΑΠΟ ΤΟ «ΑΠΟΓΕΥΜΑΤΙΝΗ»

Το Αποπλέον θύμα των πλημμυρών. Εις την Γεωργίαν περιοχήν αι πλημμύραι προεκάλεσαν ζημίας.

Το Αποπλέον θύμα των πλημμυρών. Εις την Γεωργίαν περιοχήν αι πλημμύραι προεκάλεσαν ζημίας.

Το Αποπλέον θύμα των πλημμυρών. Εις την Γεωργίαν περιοχήν αι πλημμύραι προεκάλεσαν ζημίας.

Η ΔΙΕΘΝΗΣ ΔΙΑΣΚΕΨΙΣ ΤΩΝ ΦΙΛΟΣΟΦΩΝ ΕΙΣ ΤΗΝ ΒΑΡΣΟΒΙΑΝ

ΒΑΡΣΟΒΙΑ, 17. (Ασσ. Πρές). — Εις την Βαρσοβίαν συνήλθε διεθνής διάσκεψις φιλοσόφων.

ΒΑΡΣΟΒΙΑ, 17. (Ασσ. Πρές). — Εις την Βαρσοβίαν συνήλθε διεθνής διάσκεψις φιλοσόφων.

ΒΑΡΣΟΒΙΑ, 17. (Ασσ. Πρές). — Εις την Βαρσοβίαν συνήλθε διεθνής διάσκεψις φιλοσόφων.

ΤΙ ΕΣΤΙ ΕΛΕΥΘΕΡΙΑ

ΒΑΡΣΟΒΙΑ, 17. (Ασσ. Πρές). — Ο Πολωνός φιλόσοφος ανέπτυξε το θέμα της ελευθερίας.

ΒΑΡΣΟΒΙΑ, 17. (Ασσ. Πρές). — Ο Πολωνός φιλόσοφος ανέπτυξε το θέμα της ελευθερίας.

ΒΑΡΣΟΒΙΑ, 17. (Ασσ. Πρές). — Ο Πολωνός φιλόσοφος ανέπτυξε το θέμα της ελευθερίας.

Ο ΜΟΛΟΤΩΦ ΕΘΕΑΘΗ ΕΙΣ ΤΗΝ ΜΟΣΧΑΝ ΕΝΤΟΣ ΑΥΤΟΚΙΝΗΤΟΥ

ΜΟΣΧΑ, 17. (Ασσ. Πρές). — Ο κ. Μολότωφ εθεάθη εις τους δρόμους της Μόσχας εντός αυτοκινήτου.

ΜΟΣΧΑ, 17. (Ασσ. Πρές). — Ο κ. Μολότωφ εθεάθη εις τους δρόμους της Μόσχας εντός αυτοκινήτου.

ΜΟΣΧΑ, 17. (Ασσ. Πρές). — Ο κ. Μολότωφ εθεάθη εις τους δρόμους της Μόσχας εντός αυτοκινήτου.

Ο ΒΑΣΙΛΕΥΣ ΤΟΥ ΑΦΓΑΝΙΣΤΑΝ ΕΙΣ ΜΟΣΧΑΝ

ΛΟΝΔΙΝΟΝ, 17. (Ασσ. Πρές). — Ο βασιλεύς του Αφγανιστάν θα επισκεφθή την Μόσχαν. — Ο ΣΤΡΑΤΗΓΟΣ Τσάρτον — Ο ΧΕΡΑΛΝ ΜΠΑΚΟΥΑ

ΛΟΝΔΙΝΟΝ, 17. (Ασσ. Πρές). — Ο βασιλεύς του Αφγανιστάν θα επισκεφθή την Μόσχαν. — Ο ΣΤΡΑΤΗΓΟΣ Τσάρτον — Ο ΧΕΡΑΛΝ ΜΠΑΚΟΥΑ
